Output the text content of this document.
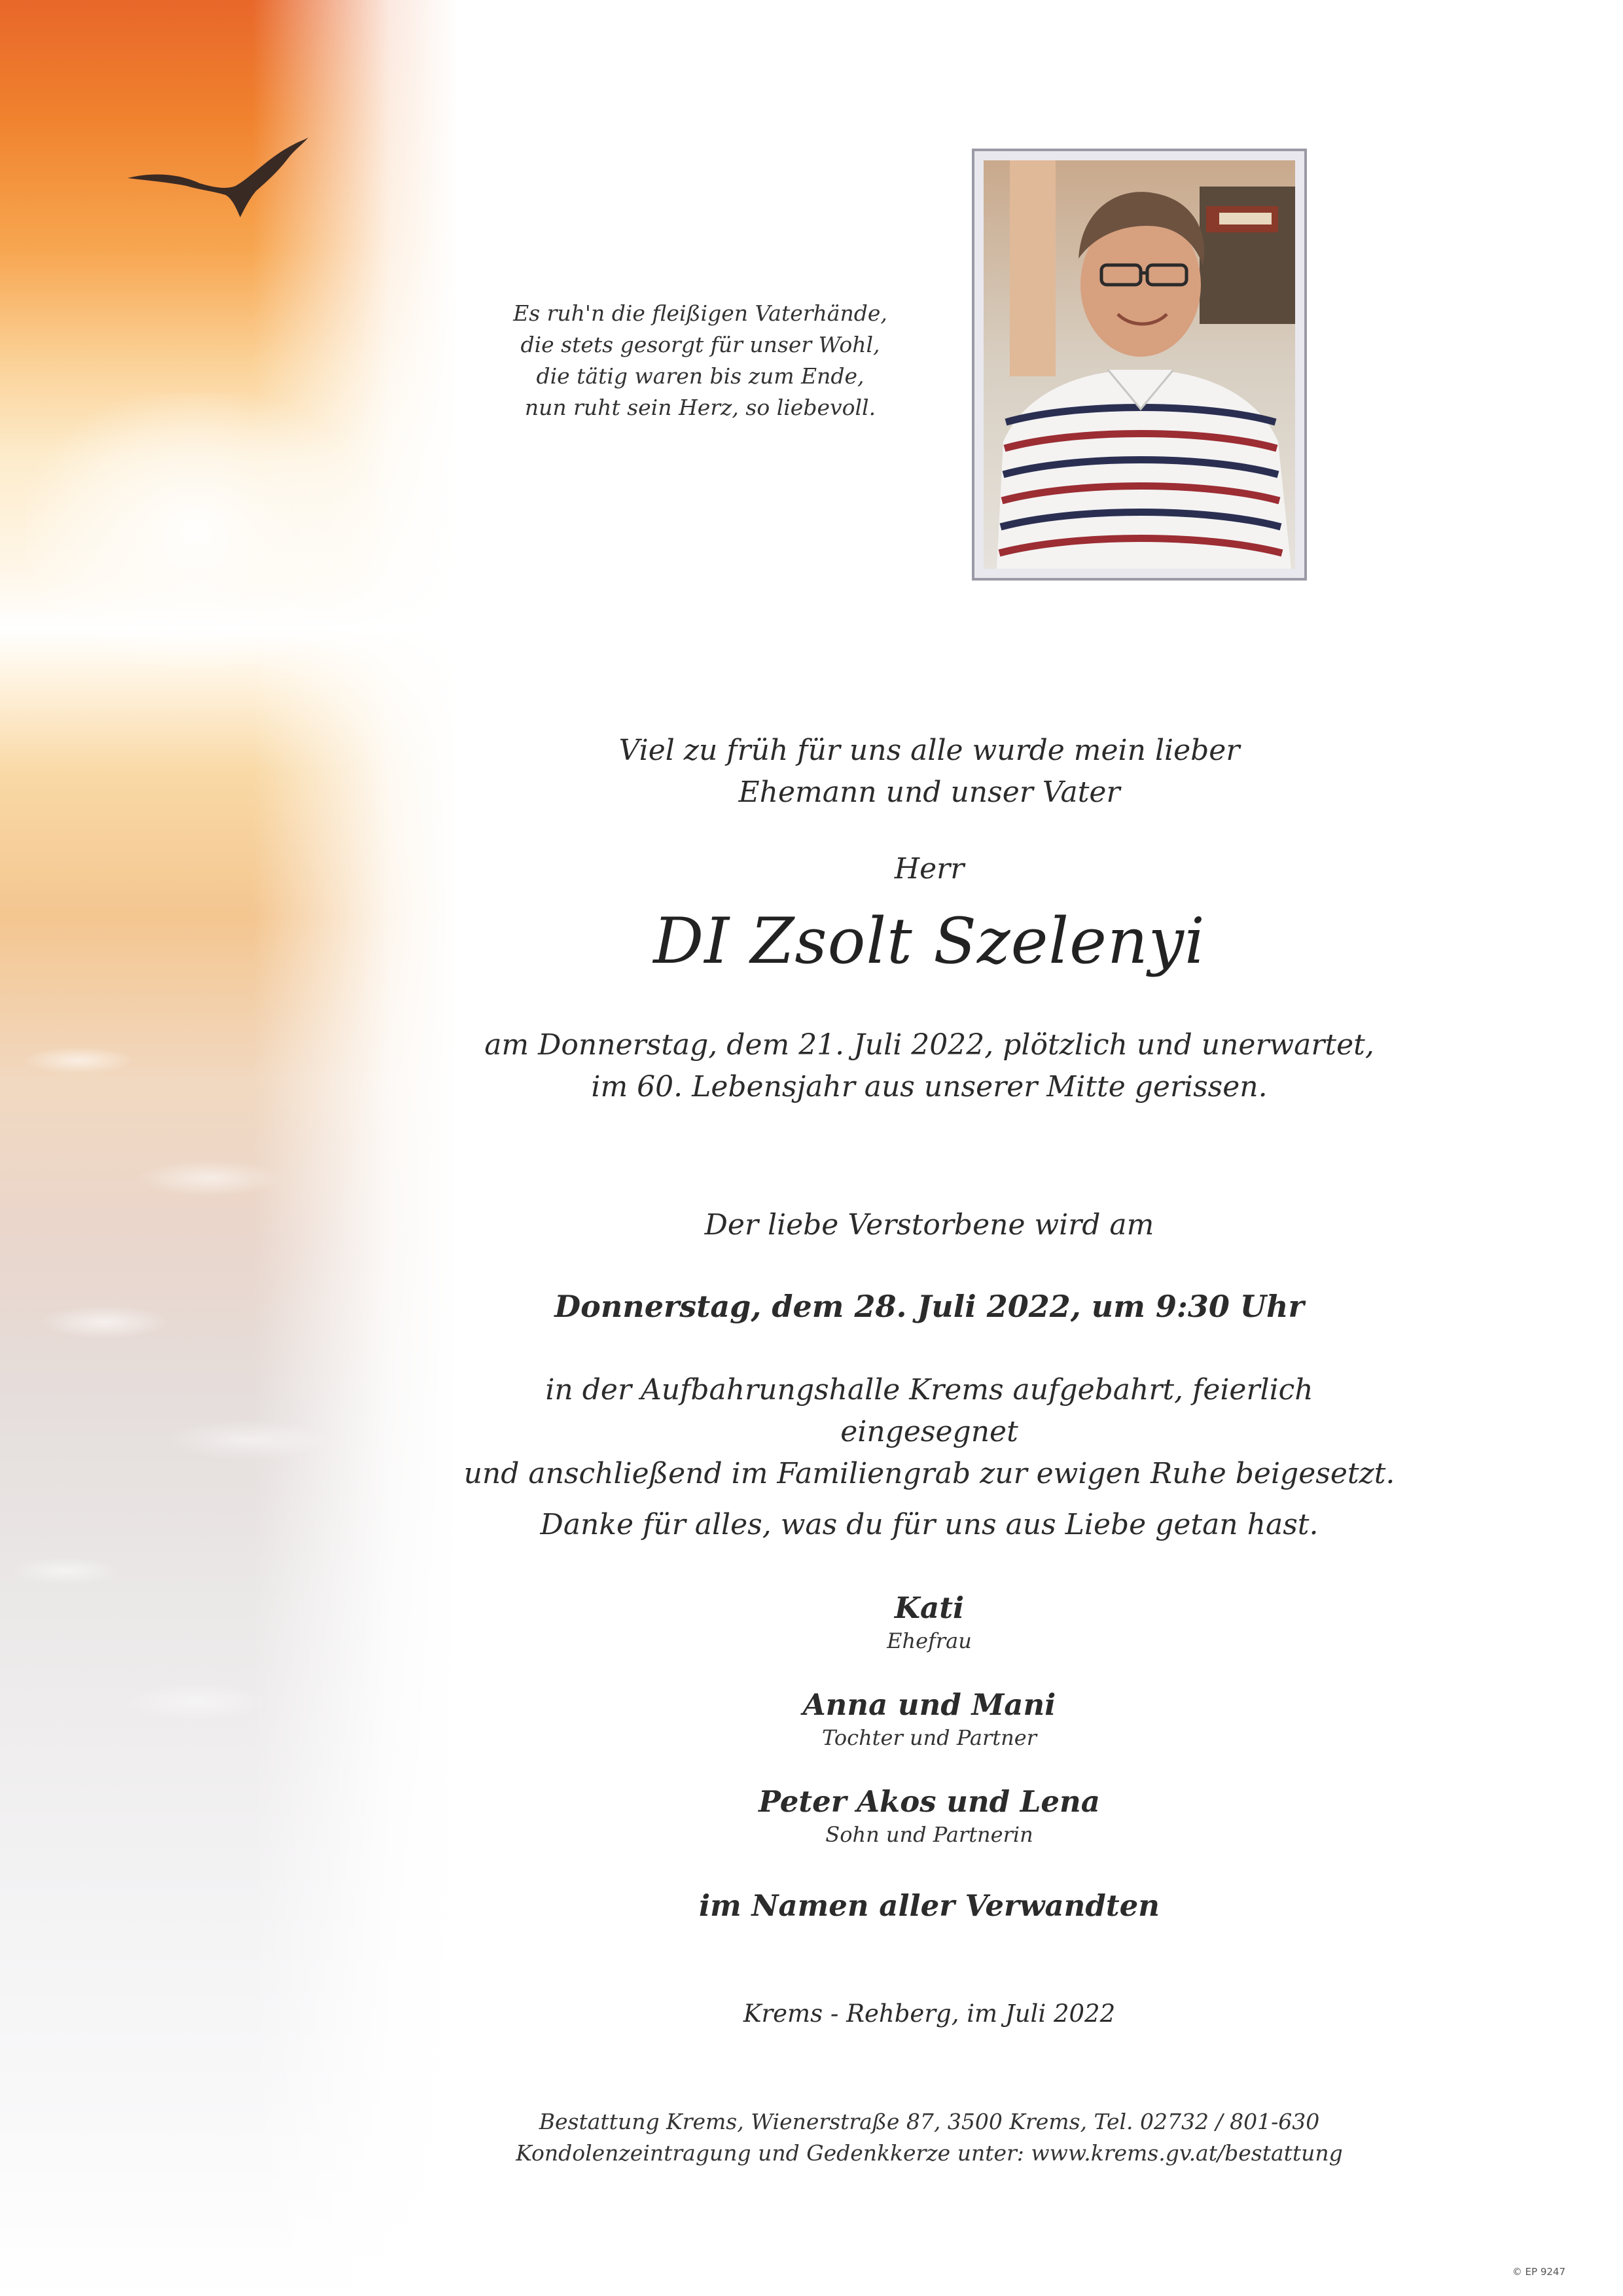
Es ruh'n die fleißigen Vaterhände,
die stets gesorgt für unser Wohl,
die tätig waren bis zum Ende,
nun ruht sein Herz, so liebevoll.
Viel zu früh für uns alle wurde mein lieber
Ehemann und unser Vater
Herr
DI Zsolt Szelenyi
am Donnerstag, dem 21. Juli 2022, plötzlich und unerwartet,
im 60. Lebensjahr aus unserer Mitte gerissen.
Der liebe Verstorbene wird am
Donnerstag, dem 28. Juli 2022, um 9:30 Uhr
in der Aufbahrungshalle Krems aufgebahrt, feierlich eingesegnet
und anschließend im Familiengrab zur ewigen Ruhe beigesetzt.
Danke für alles, was du für uns aus Liebe getan hast.
Kati
Ehefrau
Anna und Mani
Tochter und Partner
Peter Akos und Lena
Sohn und Partnerin
im Namen aller Verwandten
Krems - Rehberg, im Juli 2022
Bestattung Krems, Wienerstraße 87, 3500 Krems, Tel. 02732 / 801-630
Kondolenzeintragung und Gedenkkerze unter: www.krems.gv.at/bestattung
© EP 9247
